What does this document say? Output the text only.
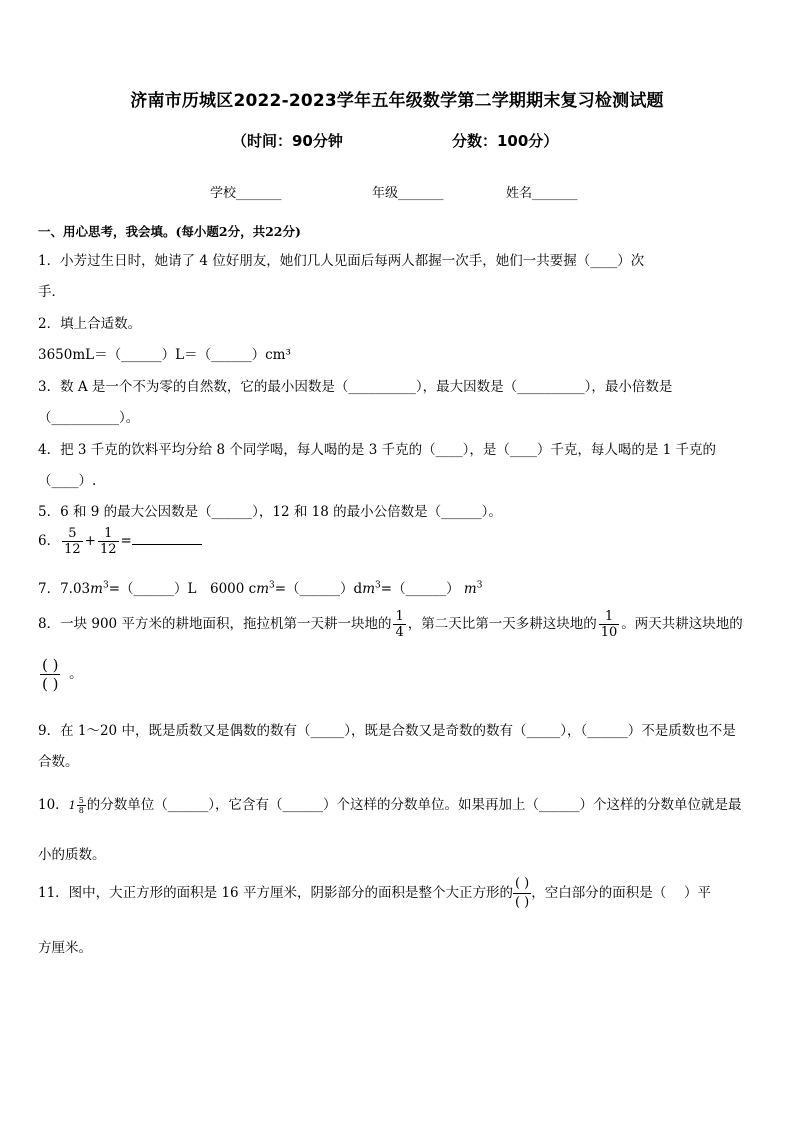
济南市历城区2022-2023学年五年级数学第二学期期末复习检测试题
（时间：90分钟	分数：100分）
学校_______	年级_______	姓名_______
一、用心思考，我会填。(每小题2分，共22分)
1．小芳过生日时，她请了 4 位好朋友，她们几人见面后每两人都握一次手，她们一共要握（____）次
手．
2．填上合适数。
3650mL＝（______）L＝（______）cm³
3．数 A 是一个不为零的自然数，它的最小因数是（__________），最大因数是（__________），最小倍数是
（__________）。
4．把 3 千克的饮料平均分给 8 个同学喝，每人喝的是 3 千克的（____），是（____）千克，每人喝的是 1 千克的
（____）.
5．6 和 9 的最大公因数是（______），12 和 18 的最小公倍数是（______）。
6． $\frac{5}{12} + \frac{1}{12}$ =
7．$7.03m^3=(\_\_\_\_\_\_)L$　6000 $cm^3=(\_\_\_\_\_\_)dm^3=(\_\_\_\_\_\_)$ $m^3$
8．一块 900 平方米的耕地面积，拖拉机第一天耕一块地的 $\frac{1}{4}$ ，第二天比第一天多耕这块地的 $\frac{1}{10}$ 。两天共耕这块地的
( )
( )  。
9．在 1～20 中，既是质数又是偶数的数有（_____），既是合数又是奇数的数有（_____），（______）不是质数也不是
合数。
10．$1 \frac{5}{8}$ 的分数单位（______），它含有（______）个这样的分数单位。如果再加上（______）个这样的分数单位就是最
小的质数。
11．图中，大正方形的面积是 16 平方厘米，阴影部分的面积是整个大正方形的
( )
( )，空白部分的面积是（　 ）平
方厘米。
